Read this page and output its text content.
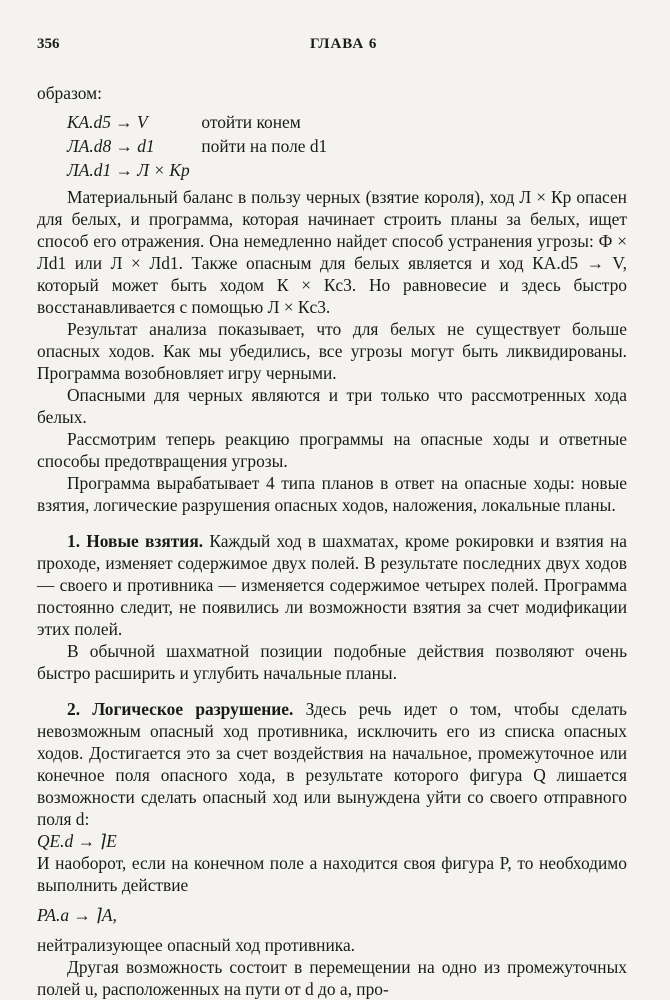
356	ГЛАВА 6

образом:

КA.d5 → V	отойти конем
ЛA.d8 → d1	пойти на поле d1
ЛA.d1 → Л × Кр

Материальный баланс в пользу черных (взятие короля), ход Л × Кр опасен для белых, и программа, которая начинает строить планы за белых, ищет способ его отражения. Она немедленно найдет способ устранения угрозы: Ф × Лd1 или Л × Лd1. Также опасным для белых является и ход КA.d5 → V, который может быть ходом К × Кc3. Но равновесие и здесь быстро восстанавливается с помощью Л × Кc3.

Результат анализа показывает, что для белых не существует больше опасных ходов. Как мы убедились, все угрозы могут быть ликвидированы. Программа возобновляет игру черными.

Опасными для черных являются и три только что рассмотренных хода белых.

Рассмотрим теперь реакцию программы на опасные ходы и ответные способы предотвращения угрозы.

Программа вырабатывает 4 типа планов в ответ на опасные ходы: новые взятия, логические разрушения опасных ходов, наложения, локальные планы.

1. Новые взятия. Каждый ход в шахматах, кроме рокировки и взятия на проходе, изменяет содержимое двух полей. В результате последних двух ходов — своего и противника — изменяется содержимое четырех полей. Программа постоянно следит, не появились ли возможности взятия за счет модификации этих полей.

В обычной шахматной позиции подобные действия позволяют очень быстро расширить и углубить начальные планы.

2. Логическое разрушение. Здесь речь идет о том, чтобы сделать невозможным опасный ход противника, исключить его из списка опасных ходов. Достигается это за счет воздействия на начальное, промежуточное или конечное поля опасного хода, в результате которого фигура Q лишается возможности сделать опасный ход или вынуждена уйти со своего отправного поля d:

QE.d → ⌉E

И наоборот, если на конечном поле a находится своя фигура P, то необходимо выполнить действие

PA.a → ⌉A,

нейтрализующее опасный ход противника.

Другая возможность состоит в перемещении на одно из промежуточных полей u, расположенных на пути от d до a, про-
